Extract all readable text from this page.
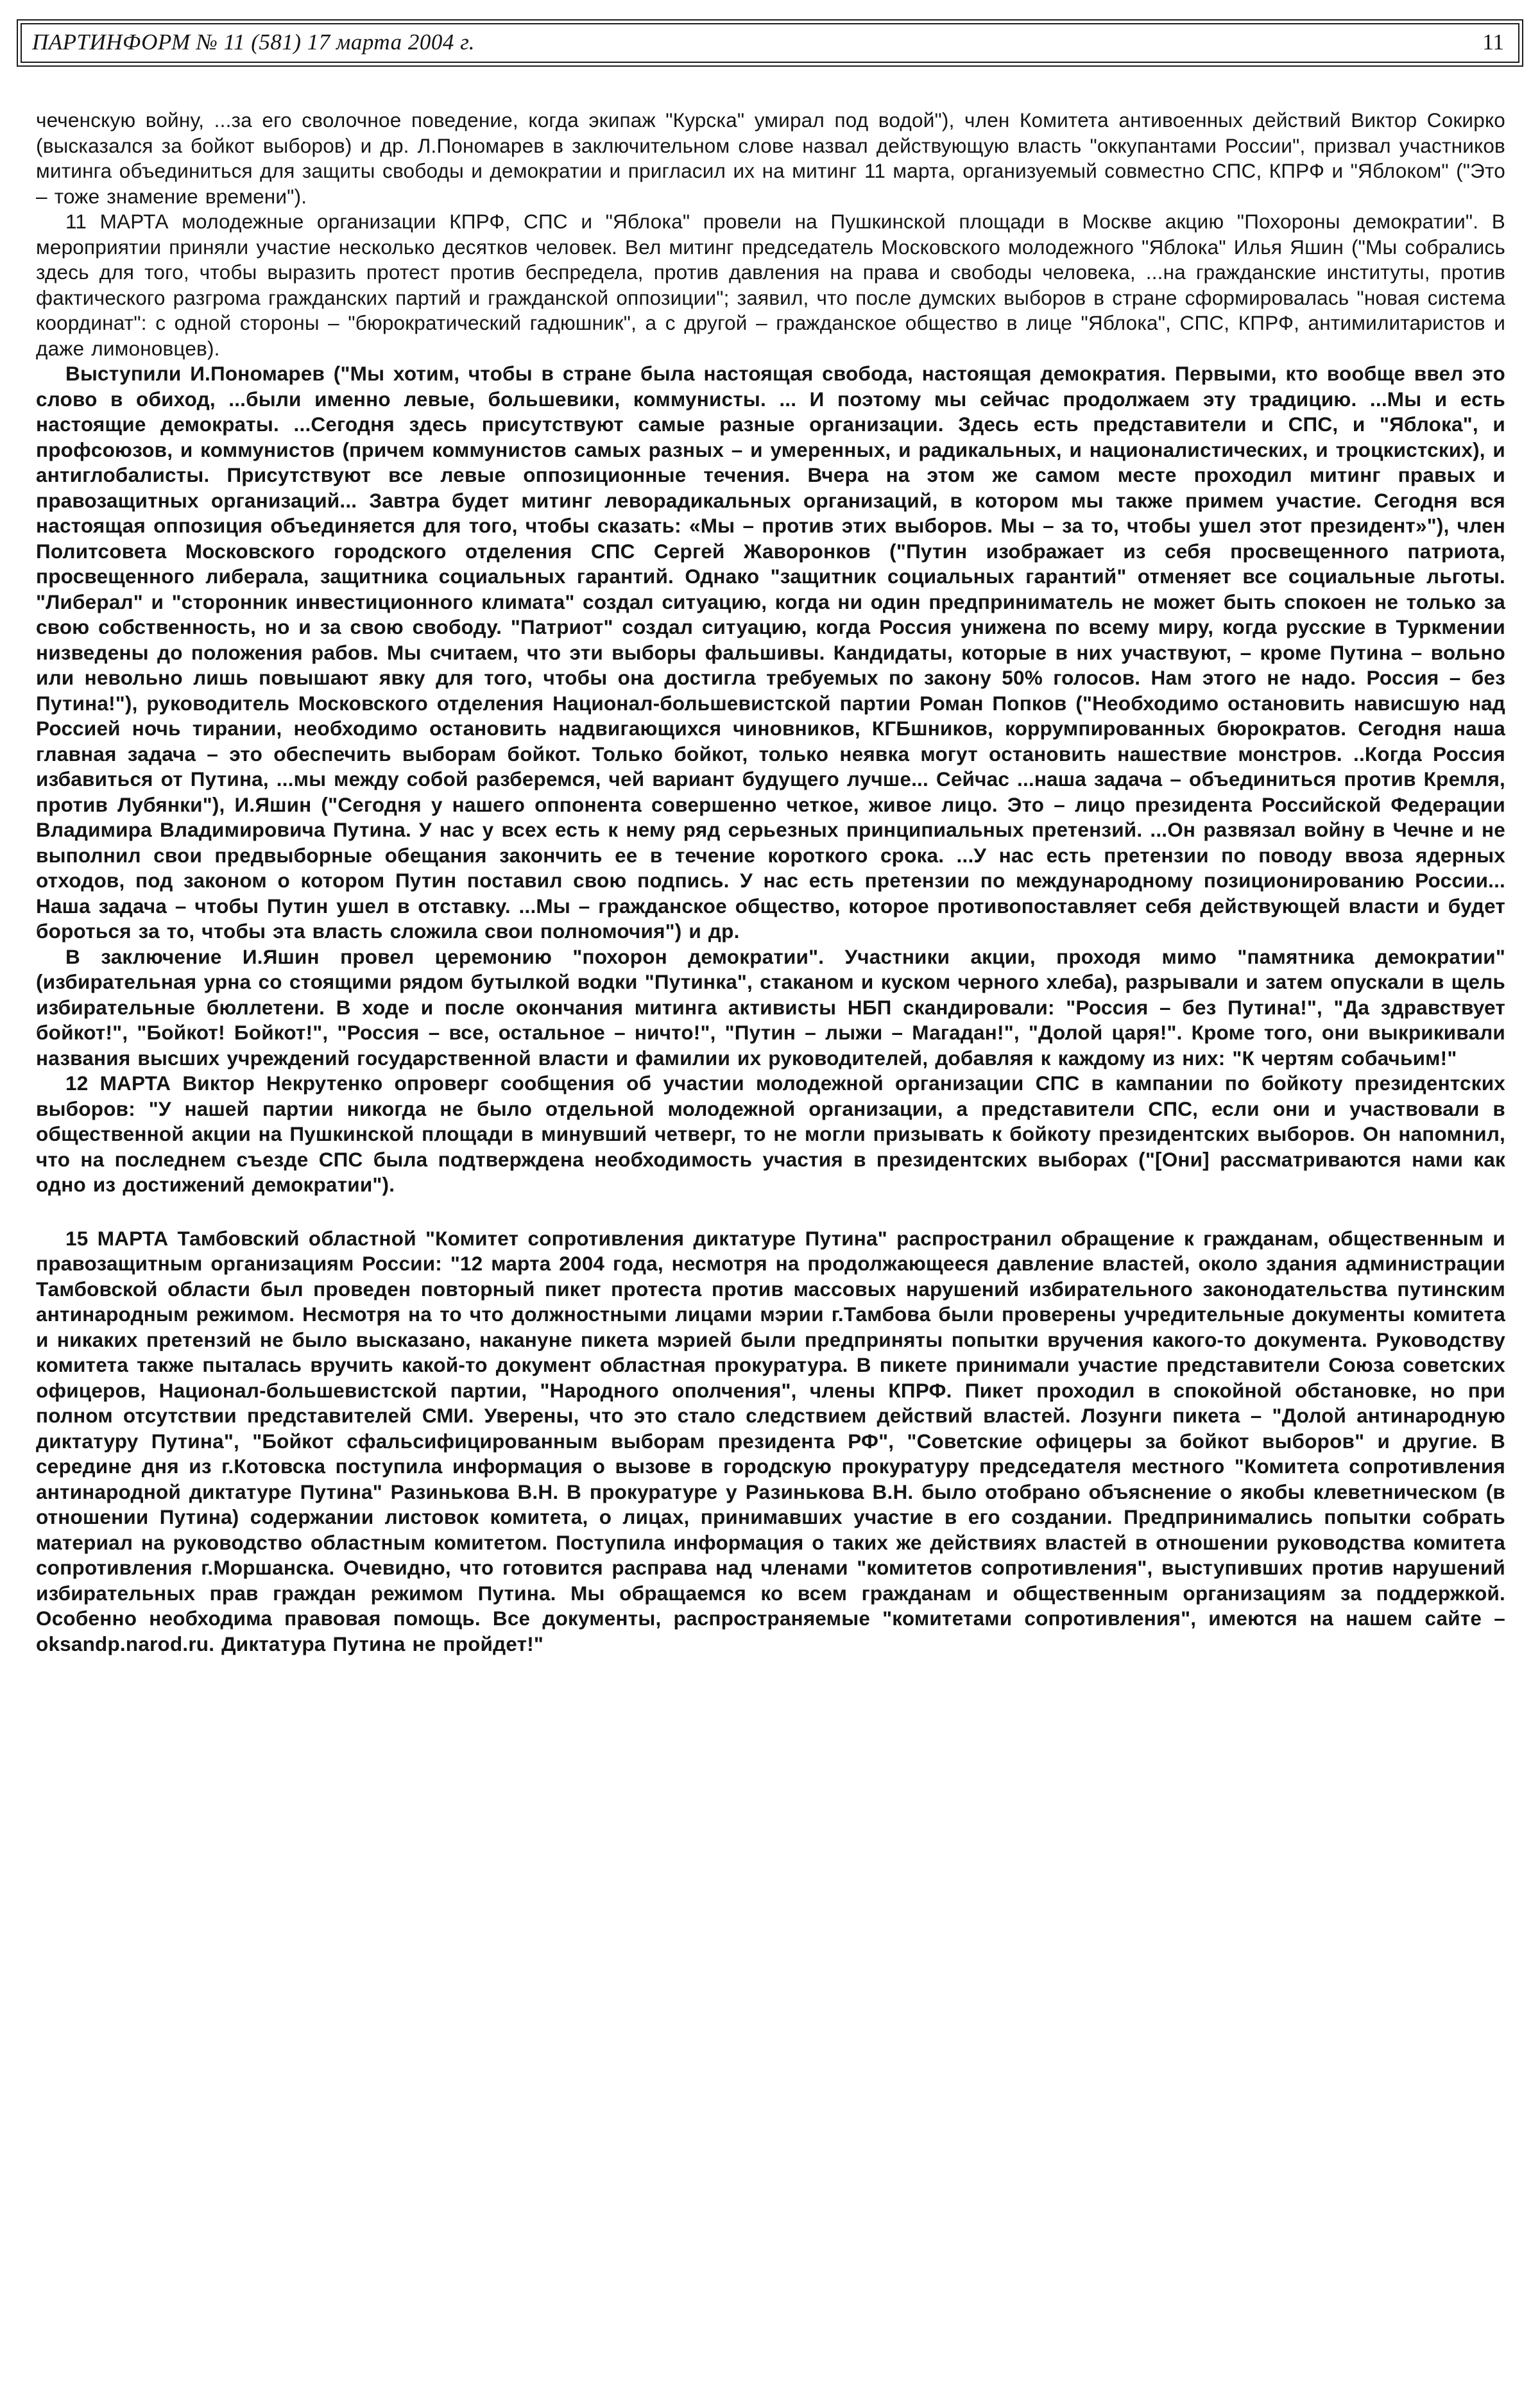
ПАРТИНФОРМ № 11 (581) 17 марта 2004 г.	11

чеченскую войну, ...за его сволочное поведение, когда экипаж "Курска" умирал под водой"), член Комитета антивоенных действий Виктор Сокирко (высказался за бойкот выборов) и др. Л.Пономарев в заключительном слове назвал действующую власть "оккупантами России", призвал участников митинга объединиться для защиты свободы и демократии и пригласил их на митинг 11 марта, организуемый совместно СПС, КПРФ и "Яблоком" ("Это – тоже знамение времени").

11 МАРТА молодежные организации КПРФ, СПС и "Яблока" провели на Пушкинской площади в Москве акцию "Похороны демократии". В мероприятии приняли участие несколько десятков человек. Вел митинг председатель Московского молодежного "Яблока" Илья Яшин ("Мы собрались здесь для того, чтобы выразить протест против беспредела, против давления на права и свободы человека, ...на гражданские институты, против фактического разгрома гражданских партий и гражданской оппозиции"; заявил, что после думских выборов в стране сформировалась "новая система координат": с одной стороны – "бюрократический гадюшник", а с другой – гражданское общество в лице "Яблока", СПС, КПРФ, антимилитаристов и даже лимоновцев).

Выступили И.Пономарев ("Мы хотим, чтобы в стране была настоящая свобода, настоящая демократия. Первыми, кто вообще ввел это слово в обиход, ...были именно левые, большевики, коммунисты. ... И поэтому мы сейчас продолжаем эту традицию. ...Мы и есть настоящие демократы. ...Сегодня здесь присутствуют самые разные организации. Здесь есть представители и СПС, и "Яблока", и профсоюзов, и коммунистов (причем коммунистов самых разных – и умеренных, и радикальных, и националистических, и троцкистских), и антиглобалисты. Присутствуют все левые оппозиционные течения. Вчера на этом же самом месте проходил митинг правых и правозащитных организаций... Завтра будет митинг леворадикальных организаций, в котором мы также примем участие. Сегодня вся настоящая оппозиция объединяется для того, чтобы сказать: «Мы – против этих выборов. Мы – за то, чтобы ушел этот президент»"), член Политсовета Московского городского отделения СПС Сергей Жаворонков ("Путин изображает из себя просвещенного патриота, просвещенного либерала, защитника социальных гарантий. Однако "защитник социальных гарантий" отменяет все социальные льготы. "Либерал" и "сторонник инвестиционного климата" создал ситуацию, когда ни один предприниматель не может быть спокоен не только за свою собственность, но и за свою свободу. "Патриот" создал ситуацию, когда Россия унижена по всему миру, когда русские в Туркмении низведены до положения рабов. Мы считаем, что эти выборы фальшивы. Кандидаты, которые в них участвуют, – кроме Путина – вольно или невольно лишь повышают явку для того, чтобы она достигла требуемых по закону 50% голосов. Нам этого не надо. Россия – без Путина!"), руководитель Московского отделения Национал-большевистской партии Роман Попков ("Необходимо остановить нависшую над Россией ночь тирании, необходимо остановить надвигающихся чиновников, КГБшников, коррумпированных бюрократов. Сегодня наша главная задача – это обеспечить выборам бойкот. Только бойкот, только неявка могут остановить нашествие монстров. ..Когда Россия избавиться от Путина, ...мы между собой разберемся, чей вариант будущего лучше... Сейчас ...наша задача – объединиться против Кремля, против Лубянки"), И.Яшин ("Сегодня у нашего оппонента совершенно четкое, живое лицо. Это – лицо президента Российской Федерации Владимира Владимировича Путина. У нас у всех есть к нему ряд серьезных принципиальных претензий. ...Он развязал войну в Чечне и не выполнил свои предвыборные обещания закончить ее в течение короткого срока. ...У нас есть претензии по поводу ввоза ядерных отходов, под законом о котором Путин поставил свою подпись. У нас есть претензии по международному позиционированию России... Наша задача – чтобы Путин ушел в отставку. ...Мы – гражданское общество, которое противопоставляет себя действующей власти и будет бороться за то, чтобы эта власть сложила свои полномочия") и др.

В заключение И.Яшин провел церемонию "похорон демократии". Участники акции, проходя мимо "памятника демократии" (избирательная урна со стоящими рядом бутылкой водки "Путинка", стаканом и куском черного хлеба), разрывали и затем опускали в щель избирательные бюллетени. В ходе и после окончания митинга активисты НБП скандировали: "Россия – без Путина!", "Да здравствует бойкот!", "Бойкот! Бойкот!", "Россия – все, остальное – ничто!", "Путин – лыжи – Магадан!", "Долой царя!". Кроме того, они выкрикивали названия высших учреждений государственной власти и фамилии их руководителей, добавляя к каждому из них: "К чертям собачьим!"

12 МАРТА Виктор Некрутенко опроверг сообщения об участии молодежной организации СПС в кампании по бойкоту президентских выборов: "У нашей партии никогда не было отдельной молодежной организации, а представители СПС, если они и участвовали в общественной акции на Пушкинской площади в минувший четверг, то не могли призывать к бойкоту президентских выборов. Он напомнил, что на последнем съезде СПС была подтверждена необходимость участия в президентских выборах ("[Они] рассматриваются нами как одно из достижений демократии").

15 МАРТА Тамбовский областной "Комитет сопротивления диктатуре Путина" распространил обращение к гражданам, общественным и правозащитным организациям России: "12 марта 2004 года, несмотря на продолжающееся давление властей, около здания администрации Тамбовской области был проведен повторный пикет протеста против массовых нарушений избирательного законодательства путинским антинародным режимом. Несмотря на то что должностными лицами мэрии г.Тамбова были проверены учредительные документы комитета и никаких претензий не было высказано, накануне пикета мэрией были предприняты попытки вручения какого-то документа. Руководству комитета также пыталась вручить какой-то документ областная прокуратура. В пикете принимали участие представители Союза советских офицеров, Национал-большевистской партии, "Народного ополчения", члены КПРФ. Пикет проходил в спокойной обстановке, но при полном отсутствии представителей СМИ. Уверены, что это стало следствием действий властей. Лозунги пикета – "Долой антинародную диктатуру Путина", "Бойкот сфальсифицированным выборам президента РФ", "Советские офицеры за бойкот выборов" и другие. В середине дня из г.Котовска поступила информация о вызове в городскую прокуратуру председателя местного "Комитета сопротивления антинародной диктатуре Путина" Разинькова В.Н. В прокуратуре у Разинькова В.Н. было отобрано объяснение о якобы клеветническом (в отношении Путина) содержании листовок комитета, о лицах, принимавших участие в его создании. Предпринимались попытки собрать материал на руководство областным комитетом. Поступила информация о таких же действиях властей в отношении руководства комитета сопротивления г.Моршанска. Очевидно, что готовится расправа над членами "комитетов сопротивления", выступивших против нарушений избирательных прав граждан режимом Путина. Мы обращаемся ко всем гражданам и общественным организациям за поддержкой. Особенно необходима правовая помощь. Все документы, распространяемые "комитетами сопротивления", имеются на нашем сайте – oksandp.narod.ru. Диктатура Путина не пройдет!"
